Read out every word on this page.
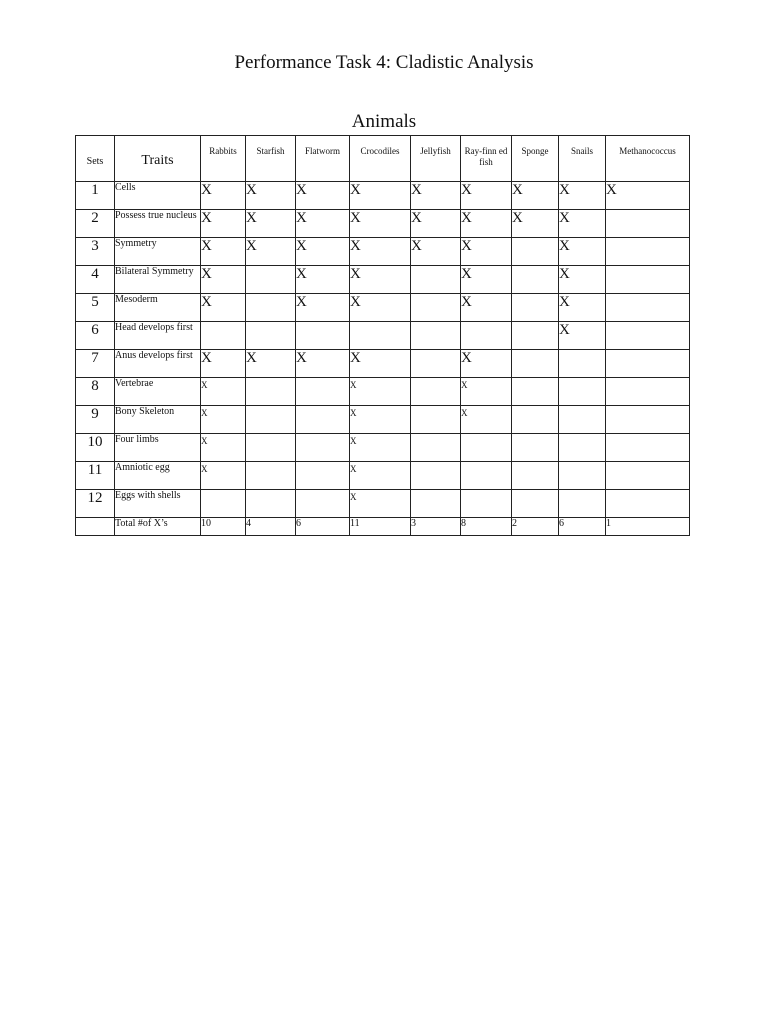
Performance Task 4: Cladistic Analysis
Animals
Sets	Traits	Rabbits	Starfish	Flatworm	Crocodiles	Jellyfish	Ray-finn ed fish	Sponge	Snails	Methanococcus
1	Cells	X	X	X	X	X	X	X	X	X
2	Possess true nucleus	X	X	X	X	X	X	X	X	
3	Symmetry	X	X	X	X	X	X		X	
4	Bilateral Symmetry	X		X	X		X		X	
5	Mesoderm	X		X	X		X		X	
6	Head develops first								X	
7	Anus develops first	X	X	X	X		X			
8	Vertebrae	X			X		X			
9	Bony Skeleton	X			X		X			
10	Four limbs	X			X					
11	Amniotic egg	X			X					
12	Eggs with shells				X					
	Total #of X’s	10	4	6	11	3	8	2	6	1
